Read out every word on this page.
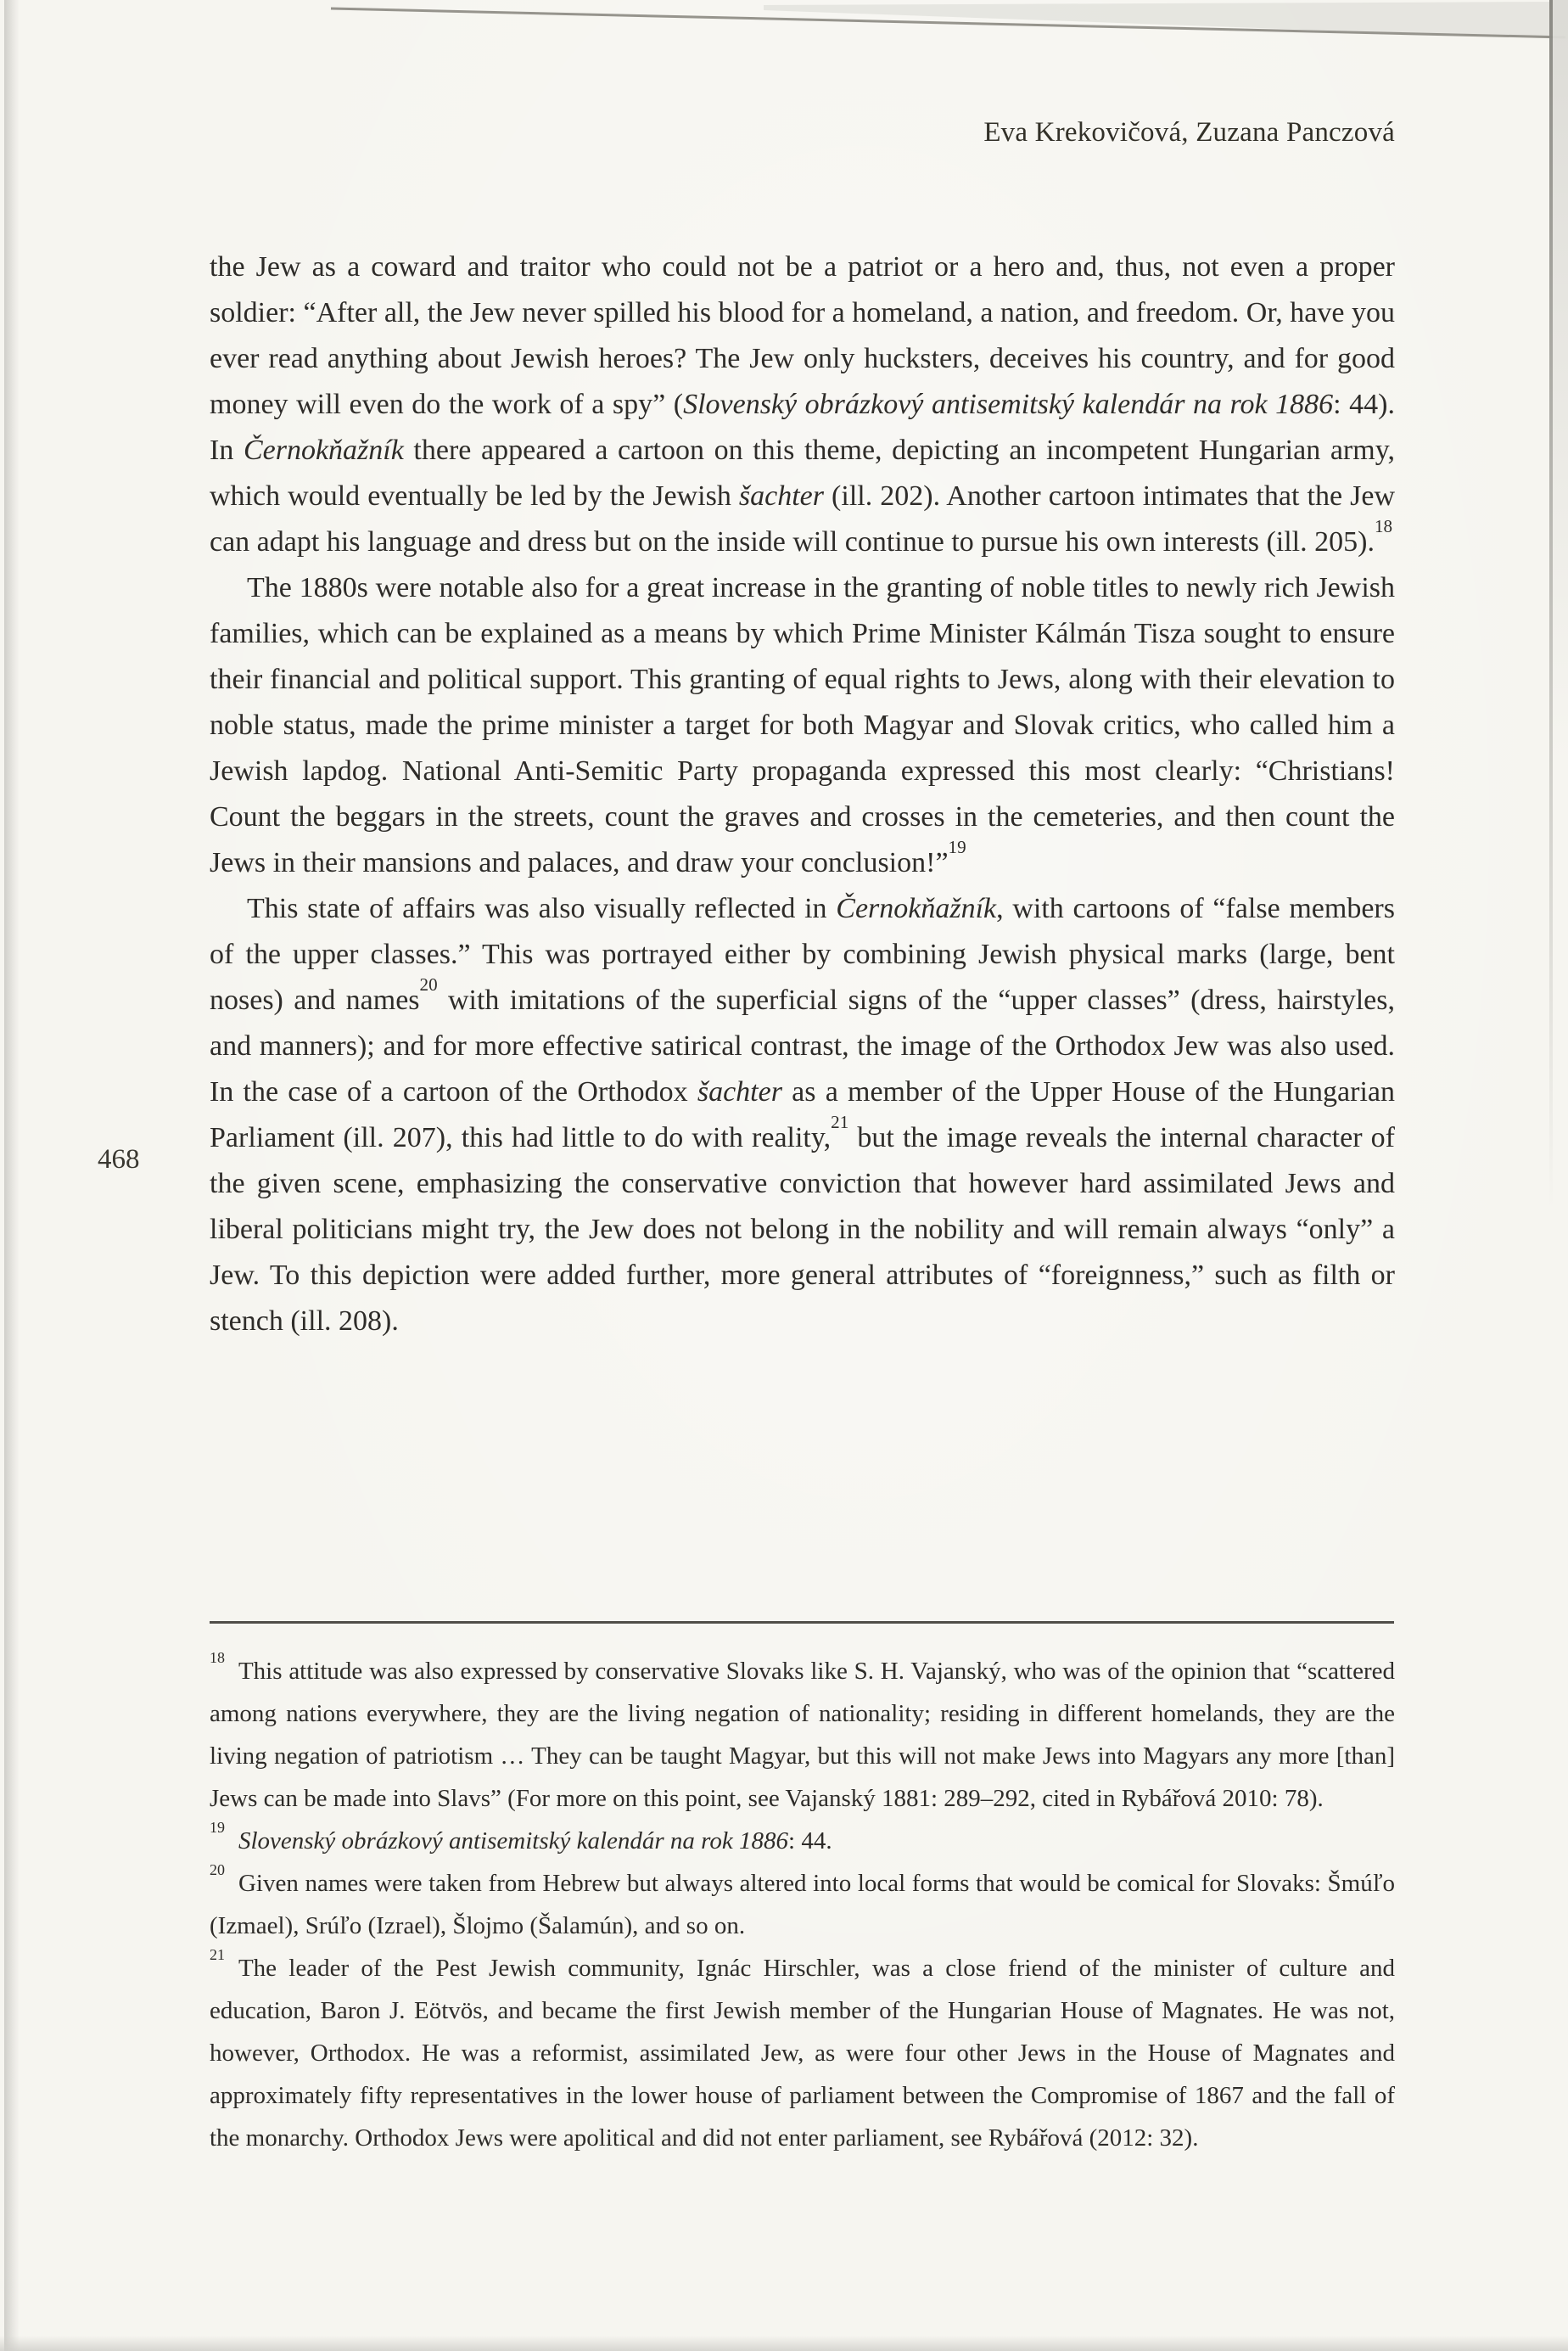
Eva Krekovičová, Zuzana Panczová
468

the Jew as a coward and traitor who could not be a patriot or a hero and, thus, not even a proper soldier: “After all, the Jew never spilled his blood for a homeland, a nation, and freedom. Or, have you ever read anything about Jewish heroes? The Jew only hucksters, deceives his country, and for good money will even do the work of a spy” (Slovenský obrázkový antisemitský kalendár na rok 1886: 44). In Černokňažník there appeared a cartoon on this theme, depicting an incompetent Hungarian army, which would eventually be led by the Jewish šachter (ill. 202). Another cartoon intimates that the Jew can adapt his language and dress but on the inside will continue to pursue his own interests (ill. 205).$^{18}$

The 1880s were notable also for a great increase in the granting of noble titles to newly rich Jewish families, which can be explained as a means by which Prime Minister Kálmán Tisza sought to ensure their financial and political support. This granting of equal rights to Jews, along with their elevation to noble status, made the prime minister a target for both Magyar and Slovak critics, who called him a Jewish lapdog. National Anti-Semitic Party propaganda expressed this most clearly: “Christians! Count the beggars in the streets, count the graves and crosses in the cemeteries, and then count the Jews in their mansions and palaces, and draw your conclusion!”$^{19}$

This state of affairs was also visually reflected in Černokňažník, with cartoons of “false members of the upper classes.” This was portrayed either by combining Jewish physical marks (large, bent noses) and names$^{20}$ with imitations of the superficial signs of the “upper classes” (dress, hairstyles, and manners); and for more effective satirical contrast, the image of the Orthodox Jew was also used. In the case of a cartoon of the Orthodox šachter as a member of the Upper House of the Hungarian Parliament (ill. 207), this had little to do with reality,$^{21}$ but the image reveals the internal character of the given scene, emphasizing the conservative conviction that however hard assimilated Jews and liberal politicians might try, the Jew does not belong in the nobility and will remain always “only” a Jew. To this depiction were added further, more general attributes of “foreignness,” such as filth or stench (ill. 208).

$^{18}$ This attitude was also expressed by conservative Slovaks like S. H. Vajanský, who was of the opinion that “scattered among nations everywhere, they are the living negation of nationality; residing in different homelands, they are the living negation of patriotism … They can be taught Magyar, but this will not make Jews into Magyars any more [than] Jews can be made into Slavs” (For more on this point, see Vajanský 1881: 289–292, cited in Rybářová 2010: 78).

$^{19}$ Slovenský obrázkový antisemitský kalendár na rok 1886: 44.

$^{20}$ Given names were taken from Hebrew but always altered into local forms that would be comical for Slovaks: Šmúľo (Izmael), Srúľo (Izrael), Šlojmo (Šalamún), and so on.

$^{21}$ The leader of the Pest Jewish community, Ignác Hirschler, was a close friend of the minister of culture and education, Baron J. Eötvös, and became the first Jewish member of the Hungarian House of Magnates. He was not, however, Orthodox. He was a reformist, assimilated Jew, as were four other Jews in the House of Magnates and approximately fifty representatives in the lower house of parliament between the Compromise of 1867 and the fall of the monarchy. Orthodox Jews were apolitical and did not enter parliament, see Rybářová (2012: 32).
